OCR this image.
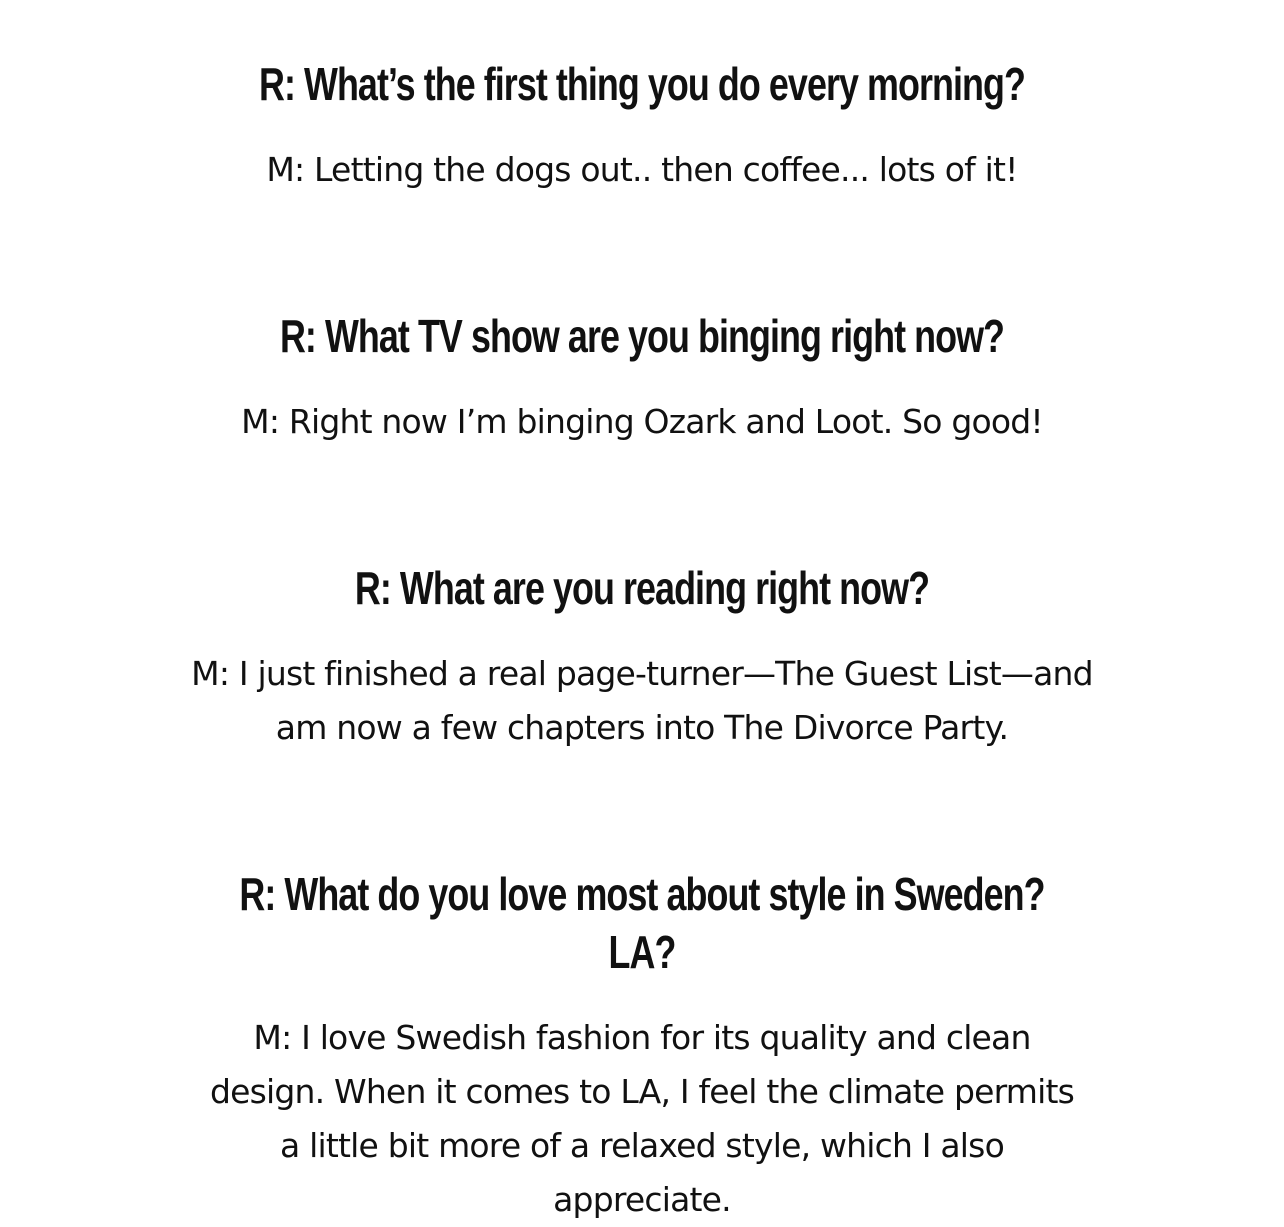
R: What’s the first thing you do every morning?

M: Letting the dogs out.. then coffee... lots of it!

R: What TV show are you binging right now?

M: Right now I’m binging Ozark and Loot. So good!

R: What are you reading right now?

M: I just finished a real page-turner—The Guest List—and am now a few chapters into The Divorce Party.

R: What do you love most about style in Sweden? LA?

M: I love Swedish fashion for its quality and clean design. When it comes to LA, I feel the climate permits a little bit more of a relaxed style, which I also appreciate.
